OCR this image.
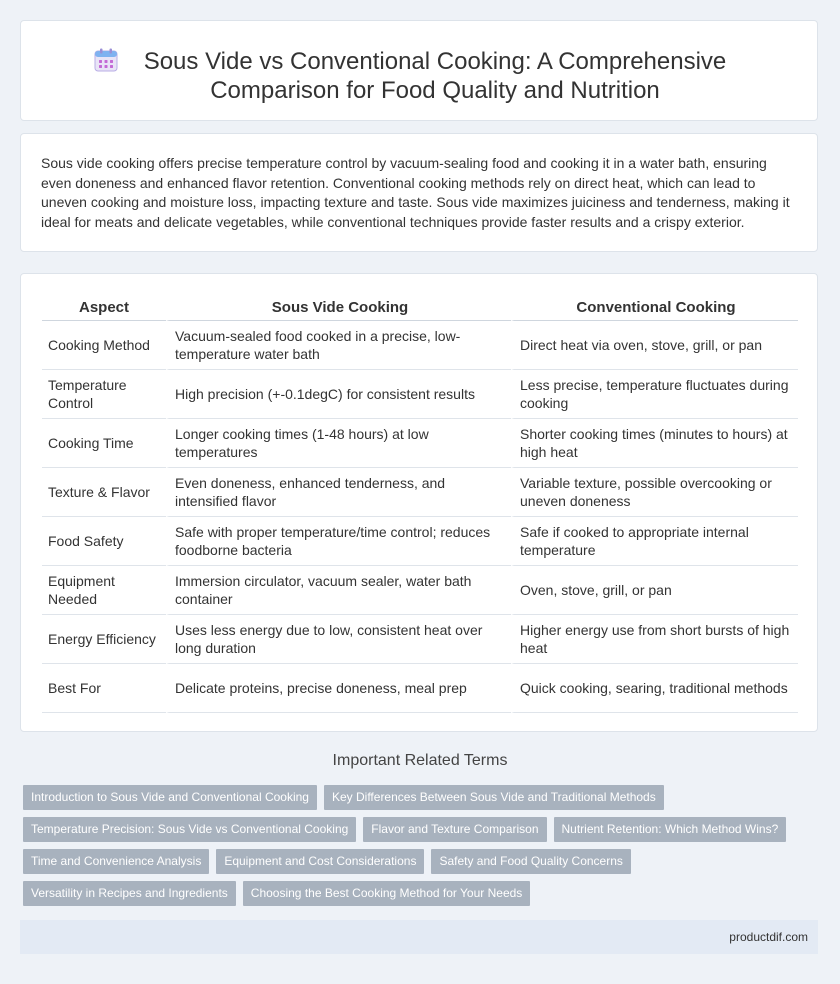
Sous Vide vs Conventional Cooking: A Comprehensive Comparison for Food Quality and Nutrition
Sous vide cooking offers precise temperature control by vacuum-sealing food and cooking it in a water bath, ensuring even doneness and enhanced flavor retention. Conventional cooking methods rely on direct heat, which can lead to uneven cooking and moisture loss, impacting texture and taste. Sous vide maximizes juiciness and tenderness, making it ideal for meats and delicate vegetables, while conventional techniques provide faster results and a crispy exterior.
Aspect	Sous Vide Cooking	Conventional Cooking
Cooking Method	Vacuum-sealed food cooked in a precise, low-temperature water bath	Direct heat via oven, stove, grill, or pan
Temperature Control	High precision (+-0.1degC) for consistent results	Less precise, temperature fluctuates during cooking
Cooking Time	Longer cooking times (1-48 hours) at low temperatures	Shorter cooking times (minutes to hours) at high heat
Texture & Flavor	Even doneness, enhanced tenderness, and intensified flavor	Variable texture, possible overcooking or uneven doneness
Food Safety	Safe with proper temperature/time control; reduces foodborne bacteria	Safe if cooked to appropriate internal temperature
Equipment Needed	Immersion circulator, vacuum sealer, water bath container	Oven, stove, grill, or pan
Energy Efficiency	Uses less energy due to low, consistent heat over long duration	Higher energy use from short bursts of high heat
Best For	Delicate proteins, precise doneness, meal prep	Quick cooking, searing, traditional methods
Important Related Terms
Introduction to Sous Vide and Conventional Cooking	Key Differences Between Sous Vide and Traditional Methods
Temperature Precision: Sous Vide vs Conventional Cooking	Flavor and Texture Comparison	Nutrient Retention: Which Method Wins?
Time and Convenience Analysis	Equipment and Cost Considerations	Safety and Food Quality Concerns
Versatility in Recipes and Ingredients	Choosing the Best Cooking Method for Your Needs
productdif.com
